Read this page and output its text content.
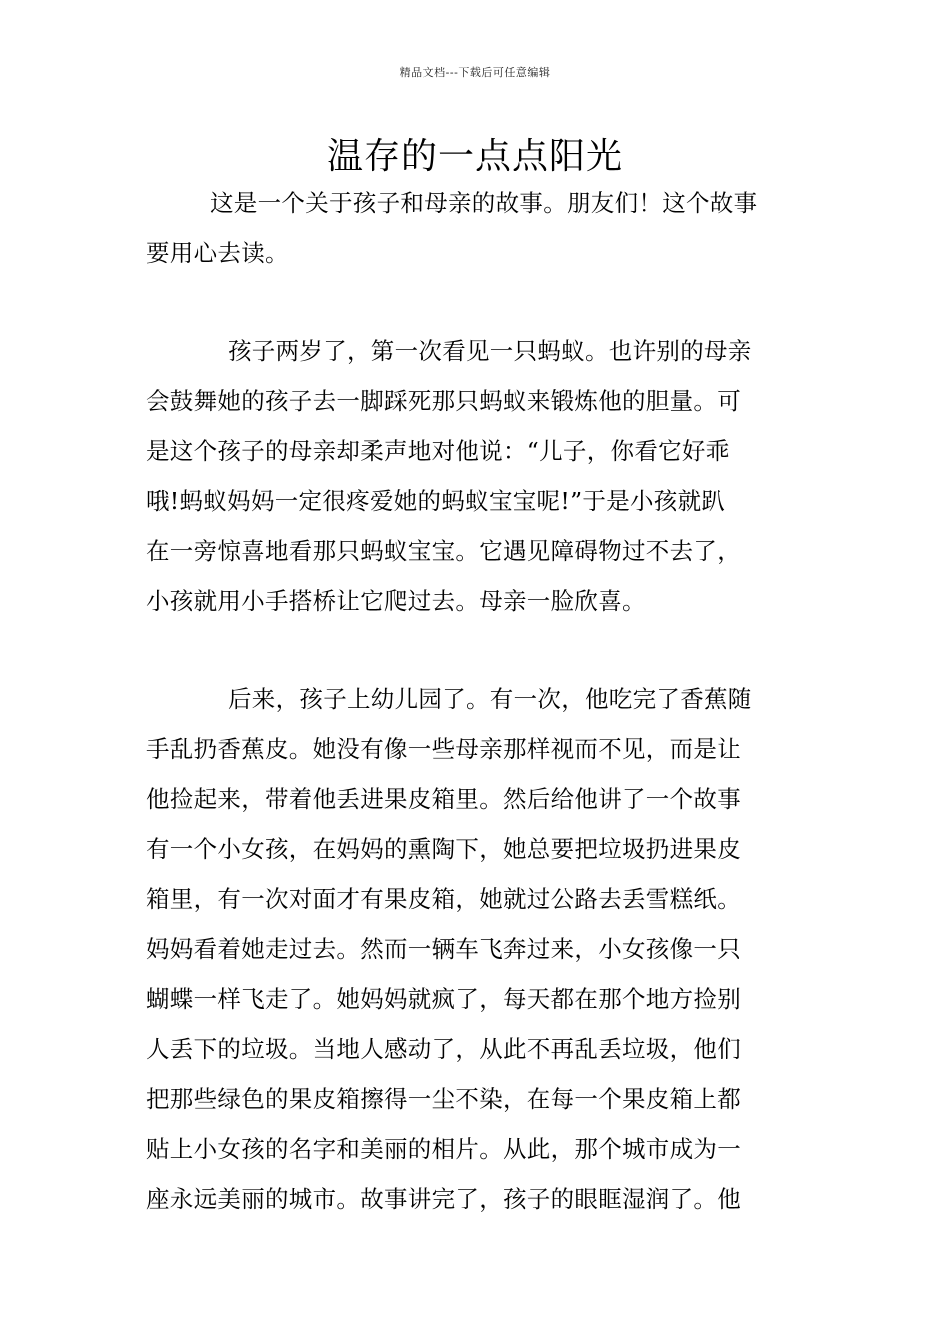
精品文档---下载后可任意编辑
温存的一点点阳光
这是一个关于孩子和母亲的故事。朋友们！这个故事
要用心去读。
孩子两岁了，第一次看见一只蚂蚁。也许别的母亲
会鼓舞她的孩子去一脚踩死那只蚂蚁来锻炼他的胆量。可
是这个孩子的母亲却柔声地对他说：“儿子，你看它好乖
哦!蚂蚁妈妈一定很疼爱她的蚂蚁宝宝呢!”于是小孩就趴
在一旁惊喜地看那只蚂蚁宝宝。它遇见障碍物过不去了，
小孩就用小手搭桥让它爬过去。母亲一脸欣喜。
后来，孩子上幼儿园了。有一次，他吃完了香蕉随
手乱扔香蕉皮。她没有像一些母亲那样视而不见，而是让
他捡起来，带着他丢进果皮箱里。然后给他讲了一个故事
有一个小女孩，在妈妈的熏陶下，她总要把垃圾扔进果皮
箱里，有一次对面才有果皮箱，她就过公路去丢雪糕纸。
妈妈看着她走过去。然而一辆车飞奔过来，小女孩像一只
蝴蝶一样飞走了。她妈妈就疯了，每天都在那个地方捡别
人丢下的垃圾。当地人感动了，从此不再乱丢垃圾，他们
把那些绿色的果皮箱擦得一尘不染，在每一个果皮箱上都
贴上小女孩的名字和美丽的相片。从此，那个城市成为一
座永远美丽的城市。故事讲完了，孩子的眼眶湿润了。他
